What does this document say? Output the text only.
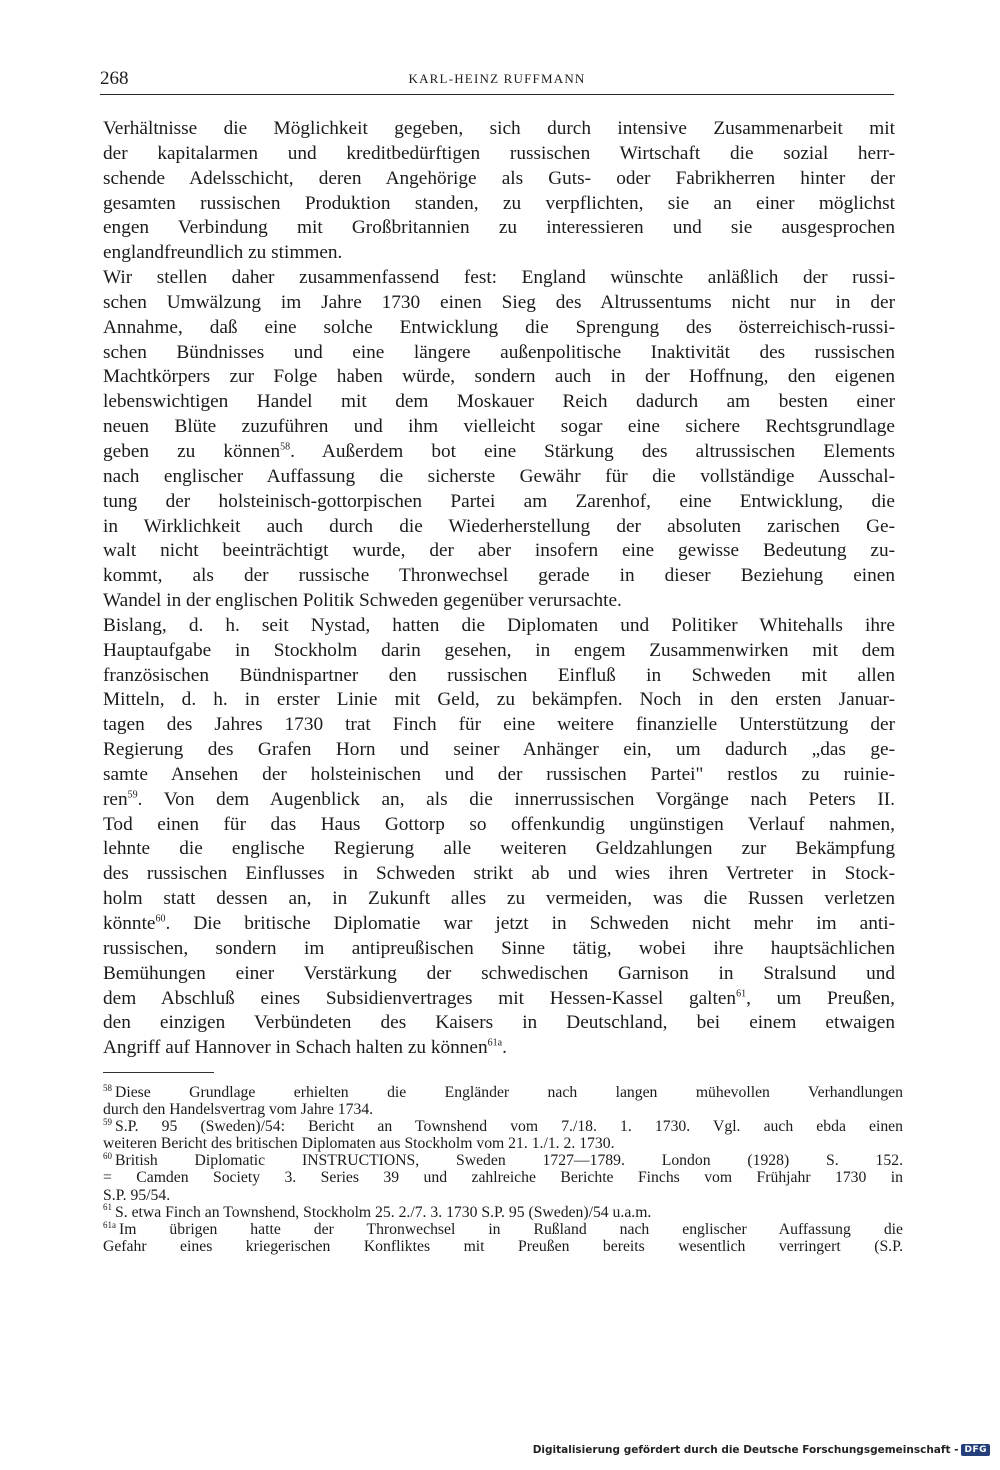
268	KARL-HEINZ RUFFMANN
Verhältnisse die Möglichkeit gegeben, sich durch intensive Zusammenarbeit mit
der kapitalarmen und kreditbedürftigen russischen Wirtschaft die sozial herr-
schende Adelsschicht, deren Angehörige als Guts- oder Fabrikherren hinter der
gesamten russischen Produktion standen, zu verpflichten, sie an einer möglichst
engen Verbindung mit Großbritannien zu interessieren und sie ausgesprochen
englandfreundlich zu stimmen.
Wir stellen daher zusammenfassend fest: England wünschte anläßlich der russi-
schen Umwälzung im Jahre 1730 einen Sieg des Altrussentums nicht nur in der
Annahme, daß eine solche Entwicklung die Sprengung des österreichisch-russi-
schen Bündnisses und eine längere außenpolitische Inaktivität des russischen
Machtkörpers zur Folge haben würde, sondern auch in der Hoffnung, den eigenen
lebenswichtigen Handel mit dem Moskauer Reich dadurch am besten einer
neuen Blüte zuzuführen und ihm vielleicht sogar eine sichere Rechtsgrundlage
geben zu können$^{58}$. Außerdem bot eine Stärkung des altrussischen Elements
nach englischer Auffassung die sicherste Gewähr für die vollständige Ausschal-
tung der holsteinisch-gottorpischen Partei am Zarenhof, eine Entwicklung, die
in Wirklichkeit auch durch die Wiederherstellung der absoluten zarischen Ge-
walt nicht beeinträchtigt wurde, der aber insofern eine gewisse Bedeutung zu-
kommt, als der russische Thronwechsel gerade in dieser Beziehung einen
Wandel in der englischen Politik Schweden gegenüber verursachte.
Bislang, d. h. seit Nystad, hatten die Diplomaten und Politiker Whitehalls ihre
Hauptaufgabe in Stockholm darin gesehen, in engem Zusammenwirken mit dem
französischen Bündnispartner den russischen Einfluß in Schweden mit allen
Mitteln, d. h. in erster Linie mit Geld, zu bekämpfen. Noch in den ersten Januar-
tagen des Jahres 1730 trat Finch für eine weitere finanzielle Unterstützung der
Regierung des Grafen Horn und seiner Anhänger ein, um dadurch „das ge-
samte Ansehen der holsteinischen und der russischen Partei" restlos zu ruinie-
ren$^{59}$. Von dem Augenblick an, als die innerrussischen Vorgänge nach Peters II.
Tod einen für das Haus Gottorp so offenkundig ungünstigen Verlauf nahmen,
lehnte die englische Regierung alle weiteren Geldzahlungen zur Bekämpfung
des russischen Einflusses in Schweden strikt ab und wies ihren Vertreter in Stock-
holm statt dessen an, in Zukunft alles zu vermeiden, was die Russen verletzen
könnte$^{60}$. Die britische Diplomatie war jetzt in Schweden nicht mehr im anti-
russischen, sondern im antipreußischen Sinne tätig, wobei ihre hauptsächlichen
Bemühungen einer Verstärkung der schwedischen Garnison in Stralsund und
dem Abschluß eines Subsidienvertrages mit Hessen-Kassel galten$^{61}$, um Preußen,
den einzigen Verbündeten des Kaisers in Deutschland, bei einem etwaigen
Angriff auf Hannover in Schach halten zu können$^{61a}$.
$^{58}$ Diese Grundlage erhielten die Engländer nach langen mühevollen Verhandlungen
durch den Handelsvertrag vom Jahre 1734.
$^{59}$ S.P. 95 (Sweden)/54: Bericht an Townshend vom 7./18. 1. 1730. Vgl. auch ebda einen
weiteren Bericht des britischen Diplomaten aus Stockholm vom 21. 1./1. 2. 1730.
$^{60}$ British Diplomatic INSTRUCTIONS, Sweden 1727—1789. London (1928) S. 152.
= Camden Society 3. Series 39 und zahlreiche Berichte Finchs vom Frühjahr 1730 in
S.P. 95/54.
$^{61}$ S. etwa Finch an Townshend, Stockholm 25. 2./7. 3. 1730 S.P. 95 (Sweden)/54 u.a.m.
$^{61a}$ Im übrigen hatte der Thronwechsel in Rußland nach englischer Auffassung die
Gefahr eines kriegerischen Konfliktes mit Preußen bereits wesentlich verringert (S.P.
Digitalisierung gefördert durch die Deutsche Forschungsgemeinschaft - DFG
